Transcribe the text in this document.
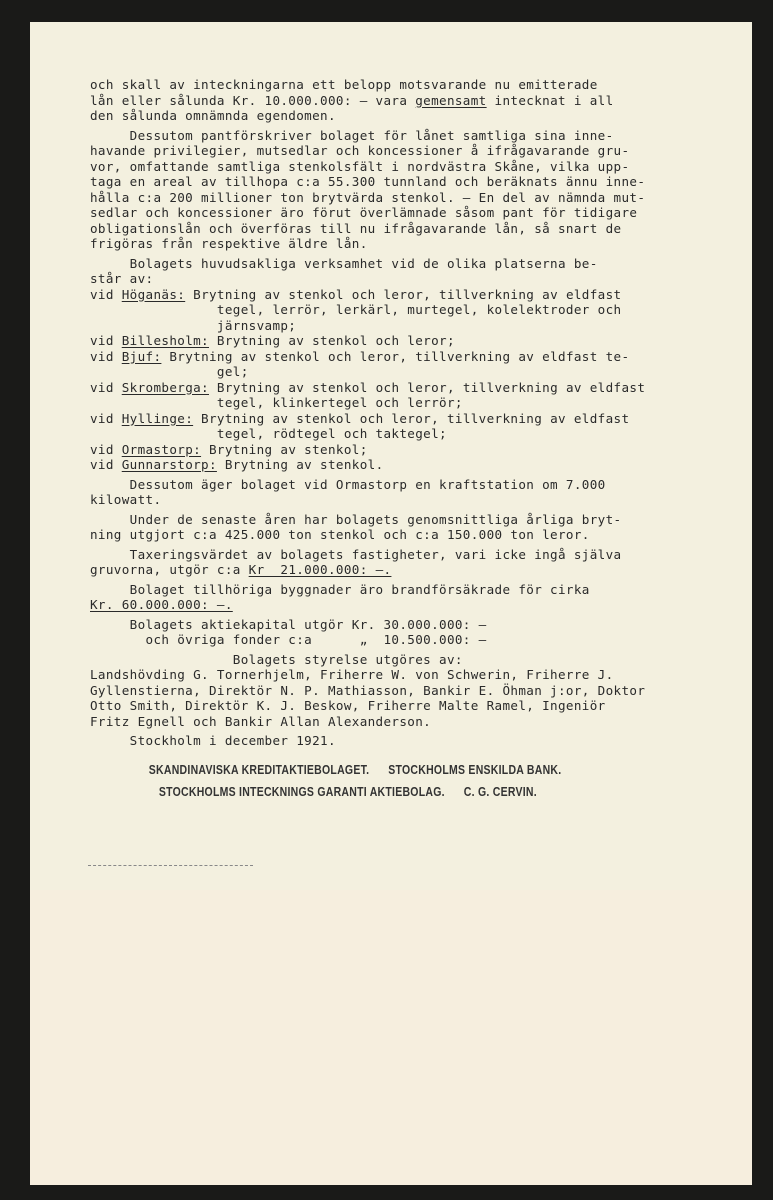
och skall av inteckningarna ett belopp motsvarande nu emitterade
lån eller sålunda Kr. 10.000.000: – vara gemensamt intecknat i all
den sålunda omnämnda egendomen.
Dessutom pantförskriver bolaget för lånet samtliga sina inne-
havande privilegier, mutsedlar och koncessioner å ifrågavarande gru-
vor, omfattande samtliga stenkolsfält i nordvästra Skåne, vilka upp-
taga en areal av tillhopa c:a 55.300 tunnland och beräknats ännu inne-
hålla c:a 200 millioner ton brytvärda stenkol. – En del av nämnda mut-
sedlar och koncessioner äro förut överlämnade såsom pant för tidigare
obligationslån och överföras till nu ifrågavarande lån, så snart de
frigöras från respektive äldre lån.
Bolagets huvudsakliga verksamhet vid de olika platserna be-
står av:
vid Höganäs: Brytning av stenkol och leror, tillverkning av eldfast
tegel, lerrör, lerkärl, murtegel, kolelektroder och
järnsvamp;
vid Billesholm: Brytning av stenkol och leror;
vid Bjuf: Brytning av stenkol och leror, tillverkning av eldfast te-
gel;
vid Skromberga: Brytning av stenkol och leror, tillverkning av eldfast
tegel, klinkertegel och lerrör;
vid Hyllinge: Brytning av stenkol och leror, tillverkning av eldfast
tegel, rödtegel och taktegel;
vid Ormastorp: Brytning av stenkol;
vid Gunnarstorp: Brytning av stenkol.
Dessutom äger bolaget vid Ormastorp en kraftstation om 7.000
kilowatt.
Under de senaste åren har bolagets genomsnittliga årliga bryt-
ning utgjort c:a 425.000 ton stenkol och c:a 150.000 ton leror.
Taxeringsvärdet av bolagets fastigheter, vari icke ingå själva
gruvorna, utgör c:a Kr  21.000.000: –.
Bolaget tillhöriga byggnader äro brandförsäkrade för cirka
Kr. 60.000.000: –.
Bolagets aktiekapital utgör Kr. 30.000.000: –
och övriga fonder c:a      „  10.500.000: –
Bolagets styrelse utgöres av:
Landshövding G. Tornerhjelm, Friherre W. von Schwerin, Friherre J.
Gyllenstierna, Direktör N. P. Mathiasson, Bankir E. Öhman j:or, Doktor
Otto Smith, Direktör K. J. Beskow, Friherre Malte Ramel, Ingeniör
Fritz Egnell och Bankir Allan Alexanderson.
Stockholm i december 1921.
SKANDINAVISKA KREDITAKTIEBOLAGET.      STOCKHOLMS ENSKILDA BANK.
STOCKHOLMS INTECKNINGS GARANTI AKTIEBOLAG.      C. G. CERVIN.
